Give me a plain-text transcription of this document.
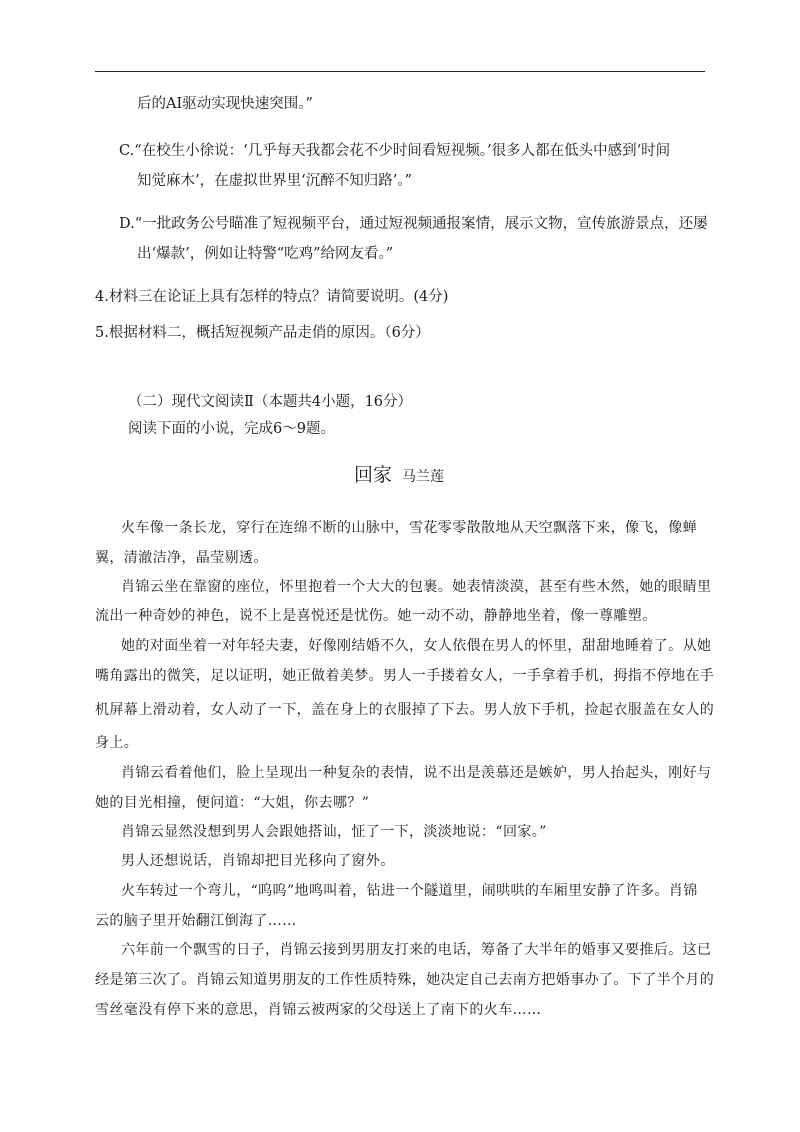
后的AI驱动实现快速突围。”
C.“在校生小徐说：‘几乎每天我都会花不少时间看短视频。’很多人都在低头中感到‘时间
知觉麻木’，在虚拟世界里‘沉醉不知归路’。”
D.“一批政务公号瞄准了短视频平台，通过短视频通报案情，展示文物，宣传旅游景点，还屡
出‘爆款’，例如让特警“吃鸡”给网友看。”
4.材料三在论证上具有怎样的特点？请简要说明。(4分)
5.根据材料二，概括短视频产品走俏的原因。（6分）
（二）现代文阅读Ⅱ（本题共4小题，16分）
阅读下面的小说，完成6～9题。
回家 马兰莲
火车像一条长龙，穿行在连绵不断的山脉中，雪花零零散散地从天空飘落下来，像飞，像蝉
翼，清澈洁净，晶莹剔透。
肖锦云坐在靠窗的座位，怀里抱着一个大大的包裹。她表情淡漠，甚至有些木然，她的眼睛里
流出一种奇妙的神色，说不上是喜悦还是忧伤。她一动不动，静静地坐着，像一尊雕塑。
她的对面坐着一对年轻夫妻，好像刚结婚不久，女人依偎在男人的怀里，甜甜地睡着了。从她
嘴角露出的微笑，足以证明，她正做着美梦。男人一手搂着女人，一手拿着手机，拇指不停地在手
机屏幕上滑动着，女人动了一下，盖在身上的衣服掉了下去。男人放下手机，捡起衣服盖在女人的
身上。
肖锦云看着他们，脸上呈现出一种复杂的表情，说不出是羡慕还是嫉妒，男人抬起头，刚好与
她的目光相撞，便问道：“大姐，你去哪？”
肖锦云显然没想到男人会跟她搭讪，怔了一下，淡淡地说：“回家。”
男人还想说话，肖锦却把目光移向了窗外。
火车转过一个弯儿，“呜呜”地鸣叫着，钻进一个隧道里，闹哄哄的车厢里安静了许多。肖锦
云的脑子里开始翻江倒海了……
六年前一个飘雪的日子，肖锦云接到男朋友打来的电话，筹备了大半年的婚事又要推后。这已
经是第三次了。肖锦云知道男朋友的工作性质特殊，她决定自己去南方把婚事办了。下了半个月的
雪丝毫没有停下来的意思，肖锦云被两家的父母送上了南下的火车……
